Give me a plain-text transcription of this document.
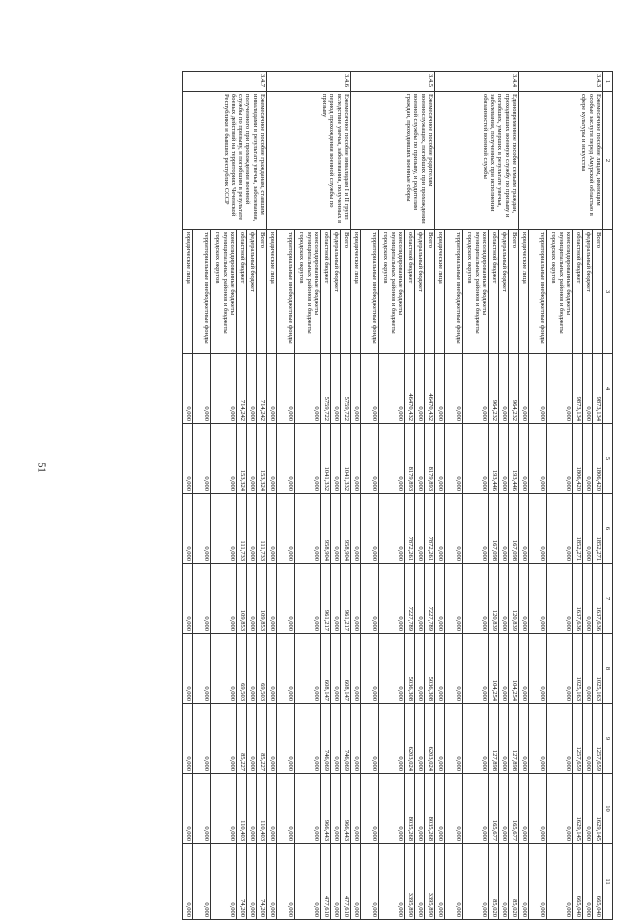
51
1	2	3	4	5	6	7	8	9	10	11
3.4.3	Ежемесячное пособие лицам, имеющим особые заслуги перед Амурской областью в сфере культуры и искусства	Всего	9873,134	1806,420	1852,271	1637,636	1025,163	1257,659	1629,145	665,040
		федеральный бюджет	0,000	0,000	0,000	0,000	0,000	0,000	0,000	0,000
		областной бюджет	9873,134	1806,420	1852,271	1637,636	1025,163	1257,659	1629,145	665,040
		консолидированные бюджеты муниципальных районов и бюджеты городских округов	0,000	0,000	0,000	0,000	0,000	0,000	0,000	0,000
		территориальные внебюджетные фонды	0,000	0,000	0,000	0,000	0,000	0,000	0,000	0,000
		юридические лица	0,000	0,000	0,000	0,000	0,000	0,000	0,000	0,000
3.4.4	Единовременное пособие семьям граждан, проходивших военную службу по призыву и погибших, умерших в результате увечья, заболевания, полученных при исполнении обязанностей военной службы	Всего	964,232	193,446	167,098	120,839	104,254	127,898	165,677	85,020
		федеральный бюджет	0,000	0,000	0,000	0,000	0,000	0,000	0,000	0,000
		областной бюджет	964,232	193,446	167,098	120,839	104,254	127,898	165,677	85,020
		консолидированные бюджеты муниципальных районов и бюджеты городских округов	0,000	0,000	0,000	0,000	0,000	0,000	0,000	0,000
		территориальные внебюджетные фонды	0,000	0,000	0,000	0,000	0,000	0,000	0,000	0,000
		юридические лица	0,000	0,000	0,000	0,000	0,000	0,000	0,000	0,000
3.4.5	Ежемесячное пособие родителям военнослужащих, погибших при прохождении военной службы по призыву, и родителям граждан, проходивших военные сборы	Всего	46470,432	8179,893	7872,261	7227,789	5036,308	6203,024	8035,268	3395,890
		федеральный бюджет	0,000	0,000	0,000	0,000	0,000	0,000	0,000	0,000
		областной бюджет	46470,432	8179,893	7872,261	7227,789	5036,308	6203,024	8035,268	3395,890
		консолидированные бюджеты муниципальных районов и бюджеты городских округов	0,000	0,000	0,000	0,000	0,000	0,000	0,000	0,000
		территориальные внебюджетные фонды	0,000	0,000	0,000	0,000	0,000	0,000	0,000	0,000
		юридические лица	0,000	0,000	0,000	0,000	0,000	0,000	0,000	0,000
3.4.6	Ежемесячное пособие инвалидам I и II групп вследствие увечья, заболевания, полученных в период прохождения военной службы по призыву	Всего	5759,722	1041,332	958,904	961,217	608,147	746,069	966,443	477,610
		федеральный бюджет	0,000	0,000	0,000	0,000	0,000	0,000	0,000	0,000
		областной бюджет	5759,722	1041,332	958,904	961,217	608,147	746,069	966,443	477,610
		консолидированные бюджеты муниципальных районов и бюджеты городских округов	0,000	0,000	0,000	0,000	0,000	0,000	0,000	0,000
		территориальные внебюджетные фонды	0,000	0,000	0,000	0,000	0,000	0,000	0,000	0,000
		юридические лица	0,000	0,000	0,000	0,000	0,000	0,000	0,000	0,000
3.4.7	Ежемесячное пособие гражданам, ставшим инвалидами в результате увечья, заболевания, полученного при прохождении военной службы по призыву, и погибшим в результате боевых действий на территориях Чеченской Республики и бывших республик СССР	Всего	714,242	153,324	111,733	109,853	69,503	85,227	110,403	74,200
		федеральный бюджет	0,000	0,000	0,000	0,000	0,000	0,000	0,000	0,000
		областной бюджет	714,242	153,324	111,733	109,853	69,503	85,227	110,403	74,200
		консолидированные бюджеты муниципальных районов и бюджеты городских округов	0,000	0,000	0,000	0,000	0,000	0,000	0,000	0,000
		территориальные внебюджетные фонды	0,000	0,000	0,000	0,000	0,000	0,000	0,000	0,000
		юридические лица	0,000	0,000	0,000	0,000	0,000	0,000	0,000	0,000
